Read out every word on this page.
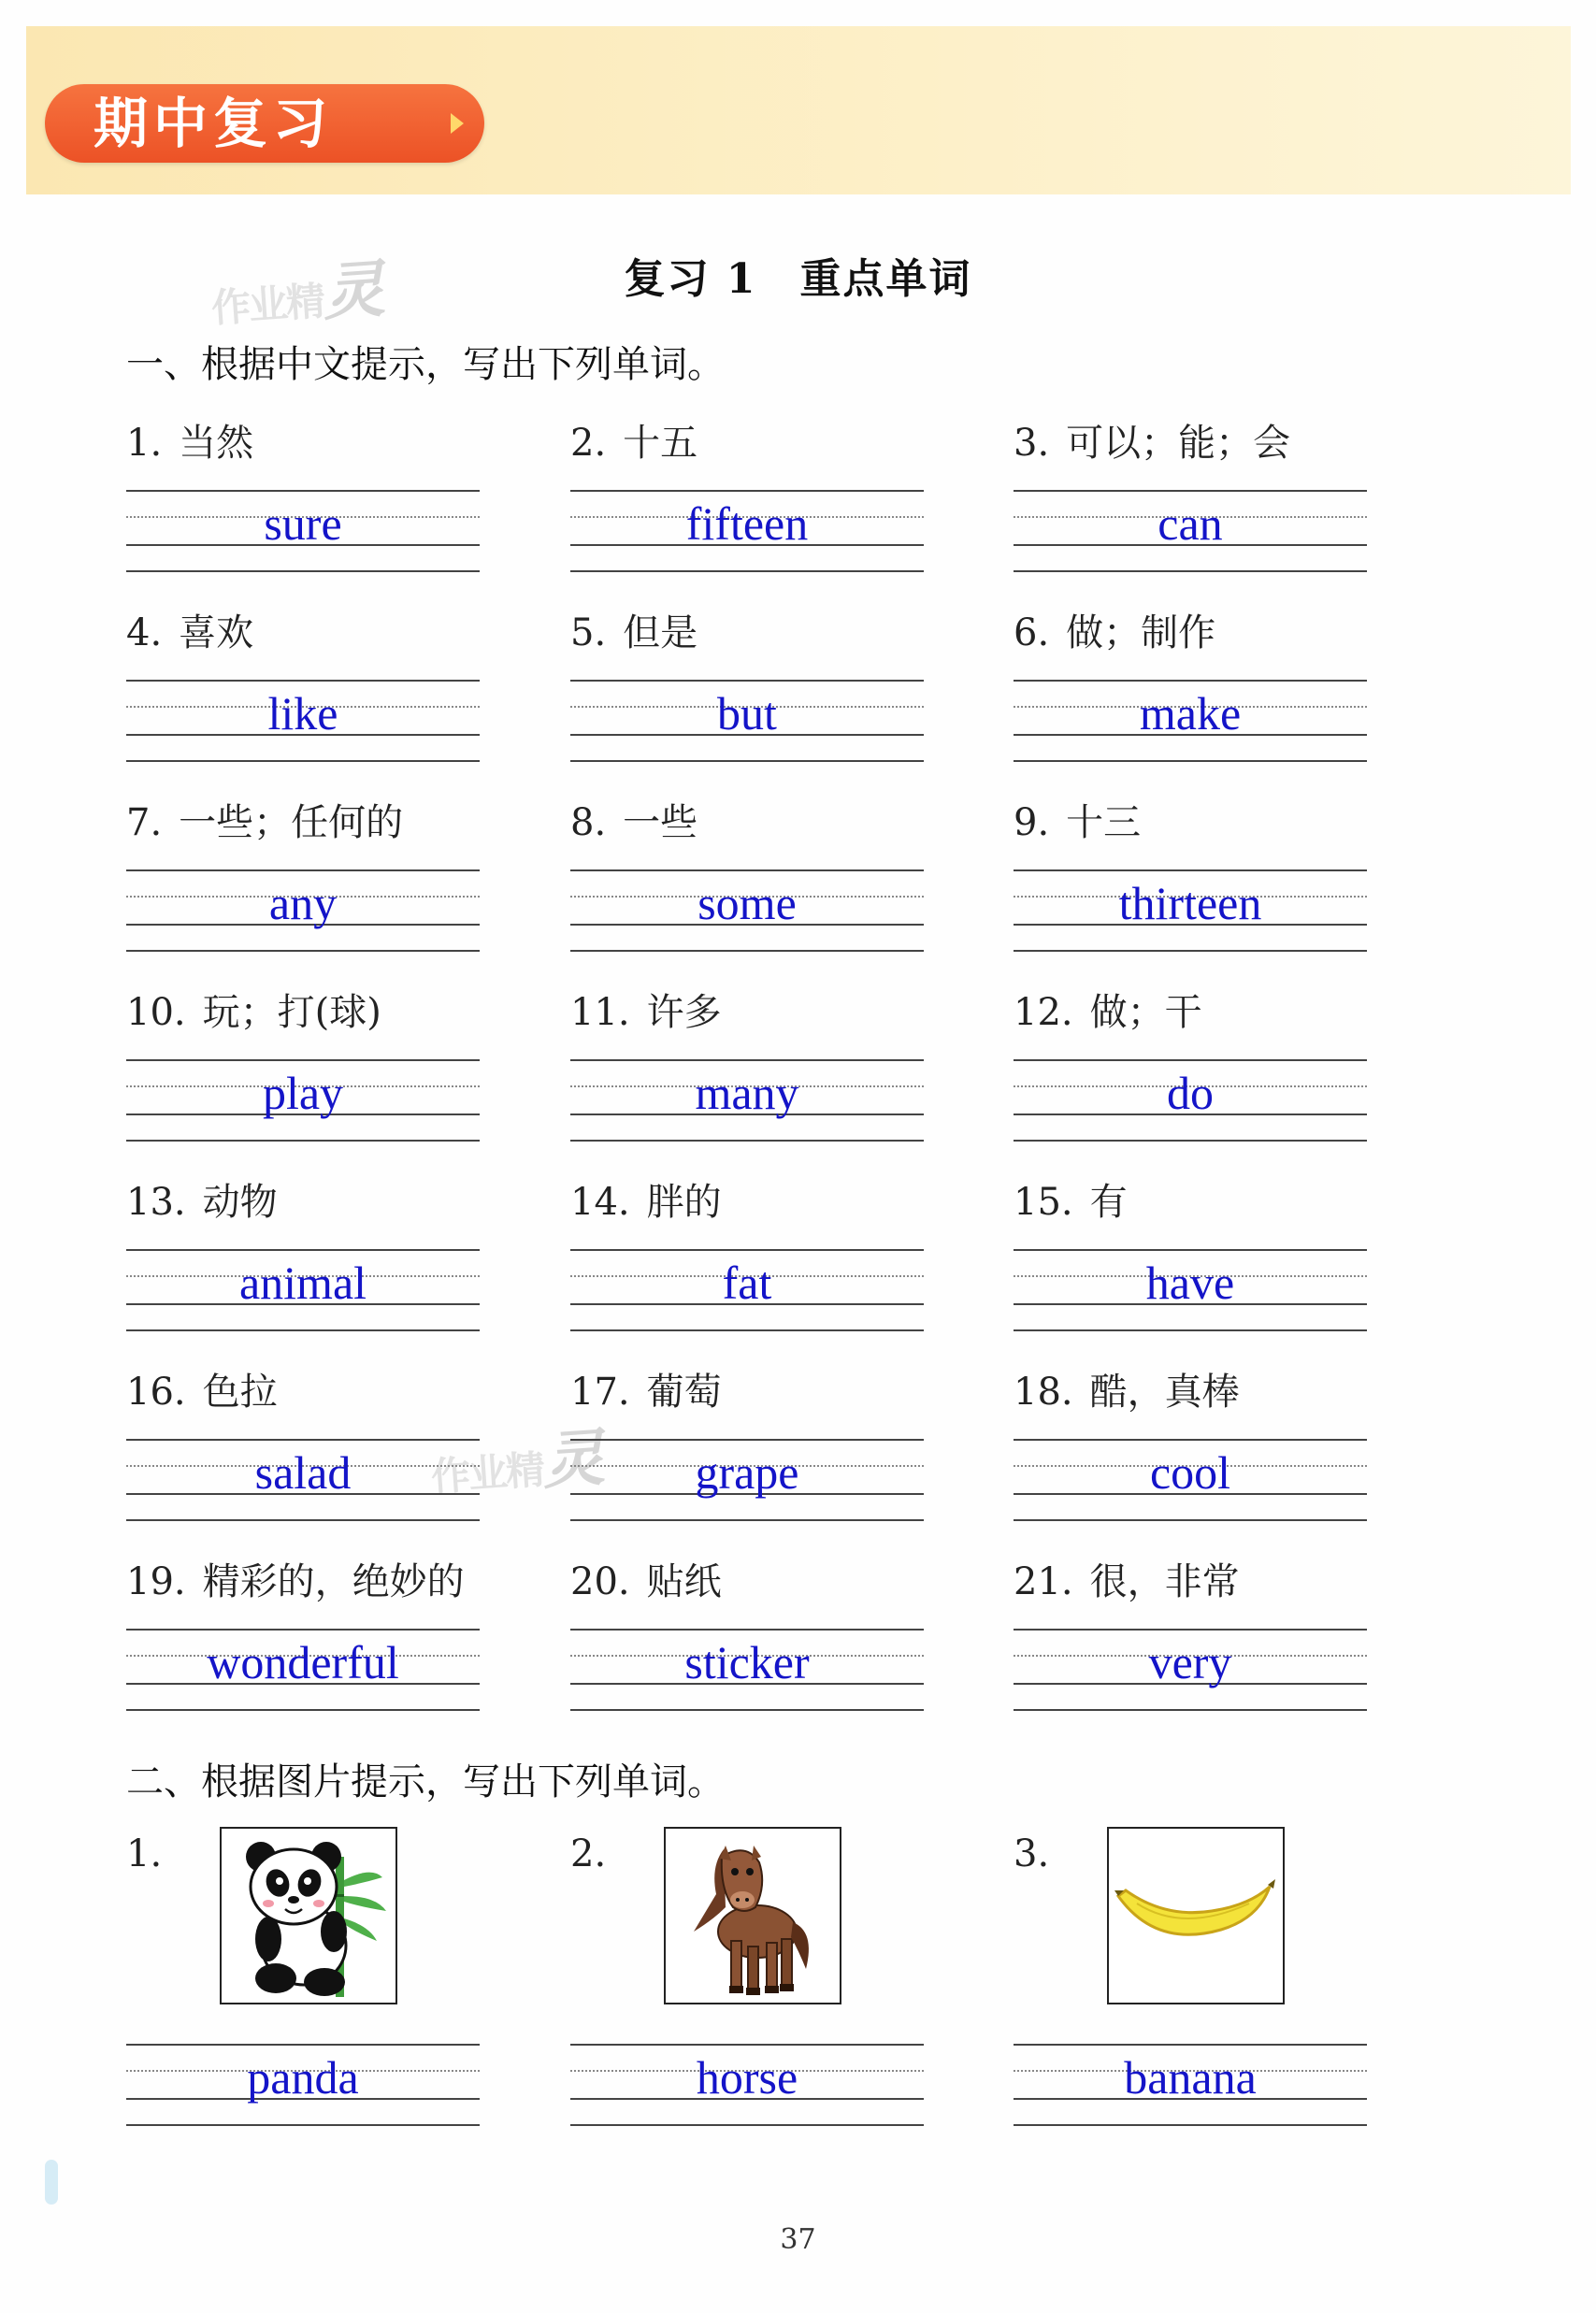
期中复习
作业精灵
作业精灵
复习 1　重点单词
一、根据中文提示，写出下列单词。
1. 当然
sure
2. 十五
fifteen
3. 可以；能；会
can
4. 喜欢
like
5. 但是
but
6. 做；制作
make
7. 一些；任何的
any
8. 一些
some
9. 十三
thirteen
10. 玩；打(球)
play
11. 许多
many
12. 做；干
do
13. 动物
animal
14. 胖的
fat
15. 有
have
16. 色拉
salad
17. 葡萄
grape
18. 酷，真棒
cool
19. 精彩的，绝妙的
wonderful
20. 贴纸
sticker
21. 很，非常
very
二、根据图片提示，写出下列单词。
1.
panda
2.
horse
3.
banana
37
